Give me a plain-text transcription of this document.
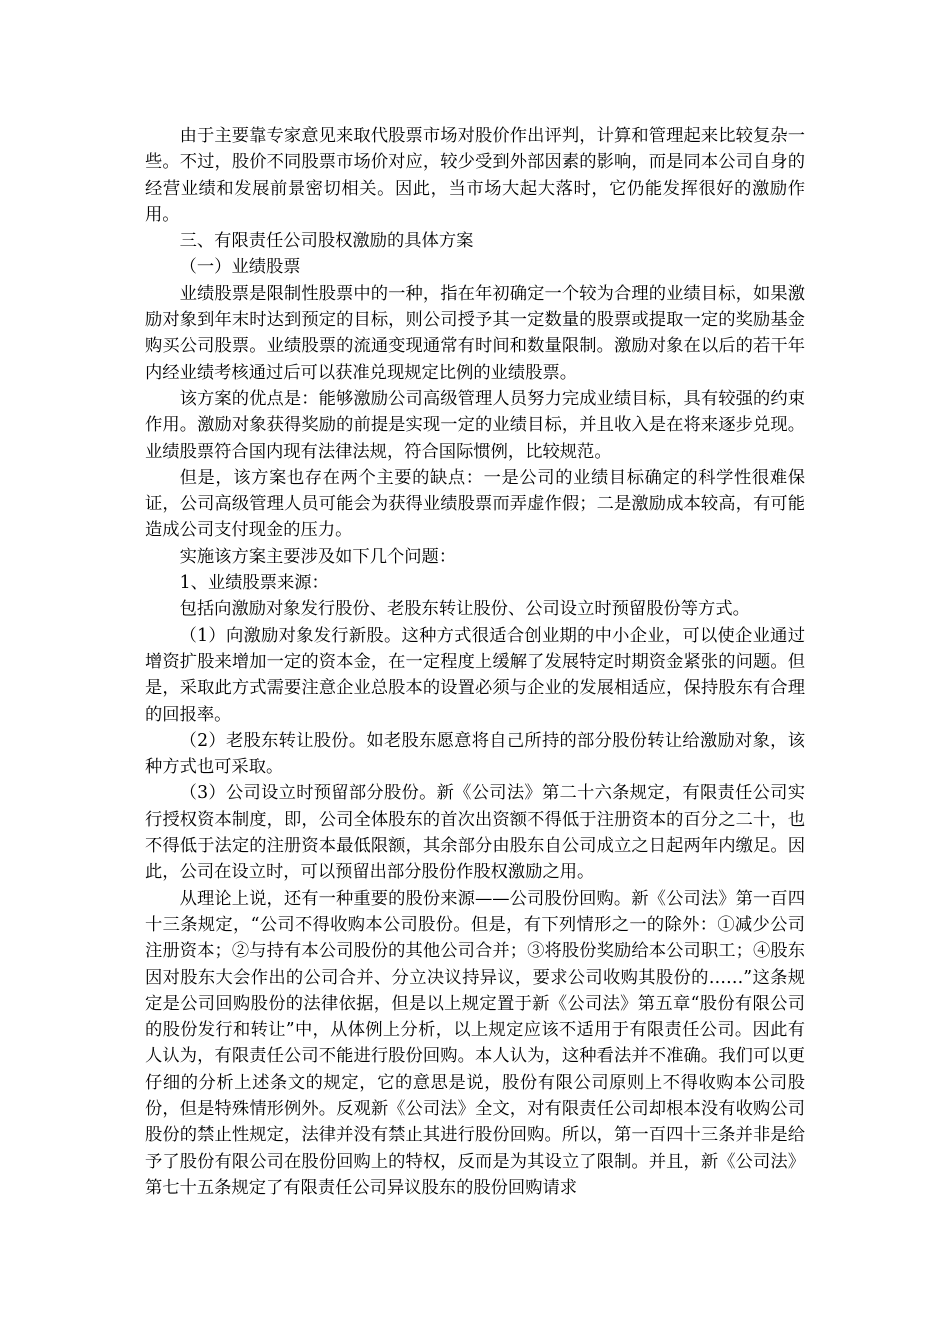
由于主要靠专家意见来取代股票市场对股价作出评判，计算和管理起来比较复杂一些。不过，股价不同股票市场价对应，较少受到外部因素的影响，而是同本公司自身的经营业绩和发展前景密切相关。因此，当市场大起大落时，它仍能发挥很好的激励作用。

三、有限责任公司股权激励的具体方案

（一）业绩股票

业绩股票是限制性股票中的一种，指在年初确定一个较为合理的业绩目标，如果激励对象到年末时达到预定的目标，则公司授予其一定数量的股票或提取一定的奖励基金购买公司股票。业绩股票的流通变现通常有时间和数量限制。激励对象在以后的若干年内经业绩考核通过后可以获准兑现规定比例的业绩股票。

该方案的优点是：能够激励公司高级管理人员努力完成业绩目标，具有较强的约束作用。激励对象获得奖励的前提是实现一定的业绩目标，并且收入是在将来逐步兑现。业绩股票符合国内现有法律法规，符合国际惯例，比较规范。

但是，该方案也存在两个主要的缺点：一是公司的业绩目标确定的科学性很难保证，公司高级管理人员可能会为获得业绩股票而弄虚作假；二是激励成本较高，有可能造成公司支付现金的压力。

实施该方案主要涉及如下几个问题：

1、业绩股票来源：

包括向激励对象发行股份、老股东转让股份、公司设立时预留股份等方式。

（1）向激励对象发行新股。这种方式很适合创业期的中小企业，可以使企业通过增资扩股来增加一定的资本金，在一定程度上缓解了发展特定时期资金紧张的问题。但是，采取此方式需要注意企业总股本的设置必须与企业的发展相适应，保持股东有合理的回报率。

（2）老股东转让股份。如老股东愿意将自己所持的部分股份转让给激励对象，该种方式也可采取。

（3）公司设立时预留部分股份。新《公司法》第二十六条规定，有限责任公司实行授权资本制度，即，公司全体股东的首次出资额不得低于注册资本的百分之二十，也不得低于法定的注册资本最低限额，其余部分由股东自公司成立之日起两年内缴足。因此，公司在设立时，可以预留出部分股份作股权激励之用。

从理论上说，还有一种重要的股份来源——公司股份回购。新《公司法》第一百四十三条规定，“公司不得收购本公司股份。但是，有下列情形之一的除外：①减少公司注册资本；②与持有本公司股份的其他公司合并；③将股份奖励给本公司职工；④股东因对股东大会作出的公司合并、分立决议持异议，要求公司收购其股份的……”这条规定是公司回购股份的法律依据，但是以上规定置于新《公司法》第五章“股份有限公司的股份发行和转让”中，从体例上分析，以上规定应该不适用于有限责任公司。因此有人认为，有限责任公司不能进行股份回购。本人认为，这种看法并不准确。我们可以更仔细的分析上述条文的规定，它的意思是说，股份有限公司原则上不得收购本公司股份，但是特殊情形例外。反观新《公司法》全文，对有限责任公司却根本没有收购公司股份的禁止性规定，法律并没有禁止其进行股份回购。所以，第一百四十三条并非是给予了股份有限公司在股份回购上的特权，反而是为其设立了限制。并且，新《公司法》第七十五条规定了有限责任公司异议股东的股份回购请求
